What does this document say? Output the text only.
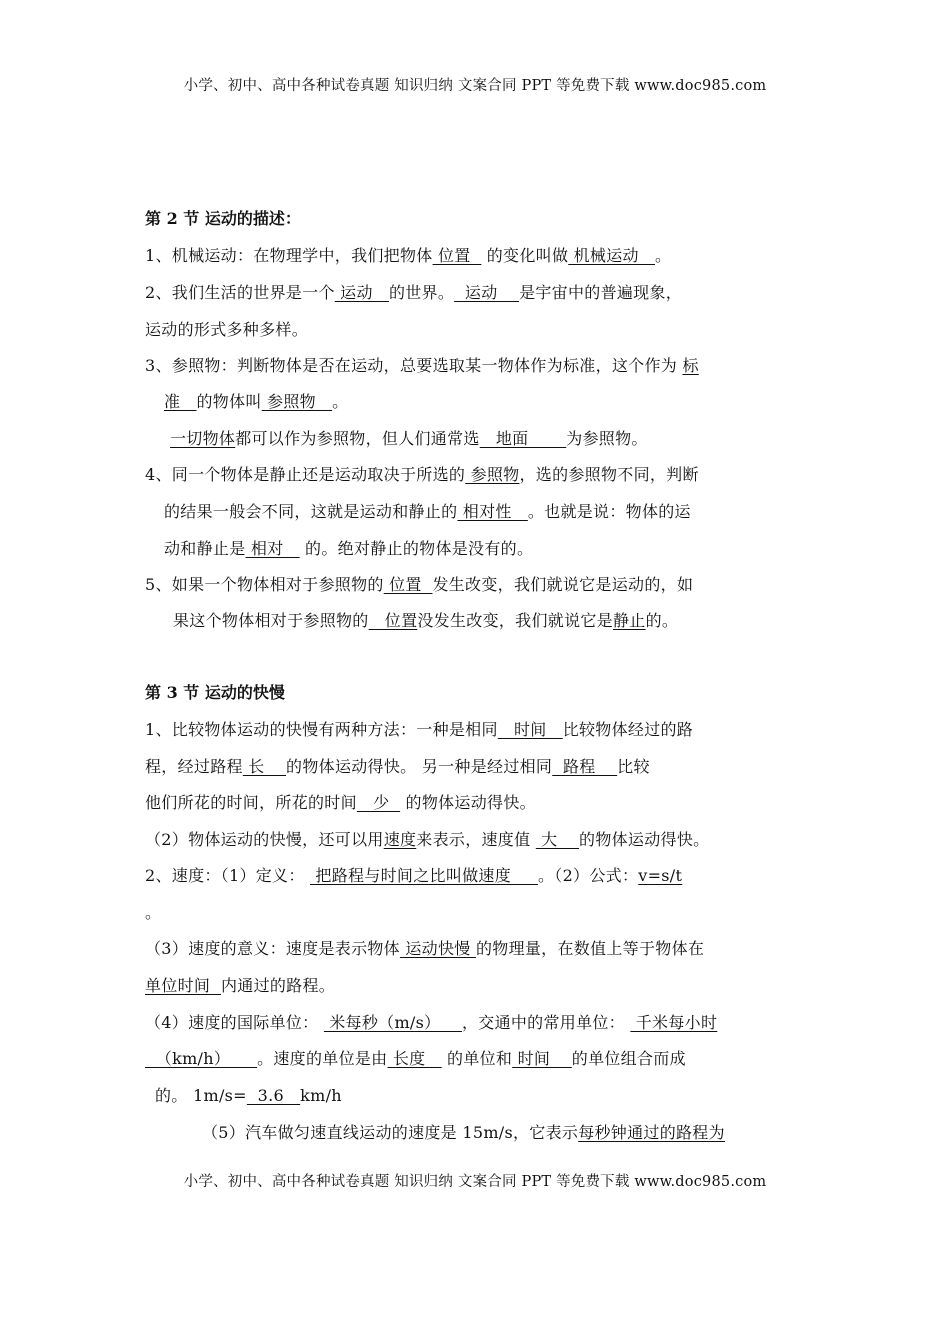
小学、初中、高中各种试卷真题 知识归纳 文案合同 PPT 等免费下载 www.doc985.com
第 2 节 运动的描述：
1、机械运动：在物理学中，我们把物体 位置   的变化叫做 机械运动   。
2、我们生活的世界是一个 运动   的世界。  运动    是宇宙中的普遍现象，
运动的形式多种多样。
3、参照物：判断物体是否在运动，总要选取某一物体作为标准，这个作为 标
准   的物体叫 参照物   。
一切物体都可以作为参照物，但人们通常选   地面       为参照物。
4、同一个物体是静止还是运动取决于所选的 参照物，选的参照物不同，判断
的结果一般会不同，这就是运动和静止的 相对性   。也就是说：物体的运
动和静止是 相对    的。绝对静止的物体是没有的。
5、如果一个物体相对于参照物的 位置  发生改变，我们就说它是运动的，如
果这个物体相对于参照物的   位置没发生改变，我们就说它是静止的。
第 3 节 运动的快慢
1、比较物体运动的快慢有两种方法：一种是相同   时间   比较物体经过的路
程，经过路程 长    的物体运动得快。 另一种是经过相同  路程    比较
他们所花的时间，所花的时间   少   的物体运动得快。
（2）物体运动的快慢，还可以用速度来表示，速度值  大    的物体运动得快。
2、速度：（1）定义：  把路程与时间之比叫做速度     。（2）公式：v=s/t
。
（3）速度的意义：速度是表示物体 运动快慢 的物理量，在数值上等于物体在
单位时间  内通过的路程。
（4）速度的国际单位：  米每秒（m/s）    ，交通中的常用单位：  千米每小时
（km/h）     。速度的单位是由 长度    的单位和 时间    的单位组合而成
的。 1m/s=  3.6   km/h
（5）汽车做匀速直线运动的速度是 15m/s，它表示每秒钟通过的路程为
小学、初中、高中各种试卷真题 知识归纳 文案合同 PPT 等免费下载 www.doc985.com
